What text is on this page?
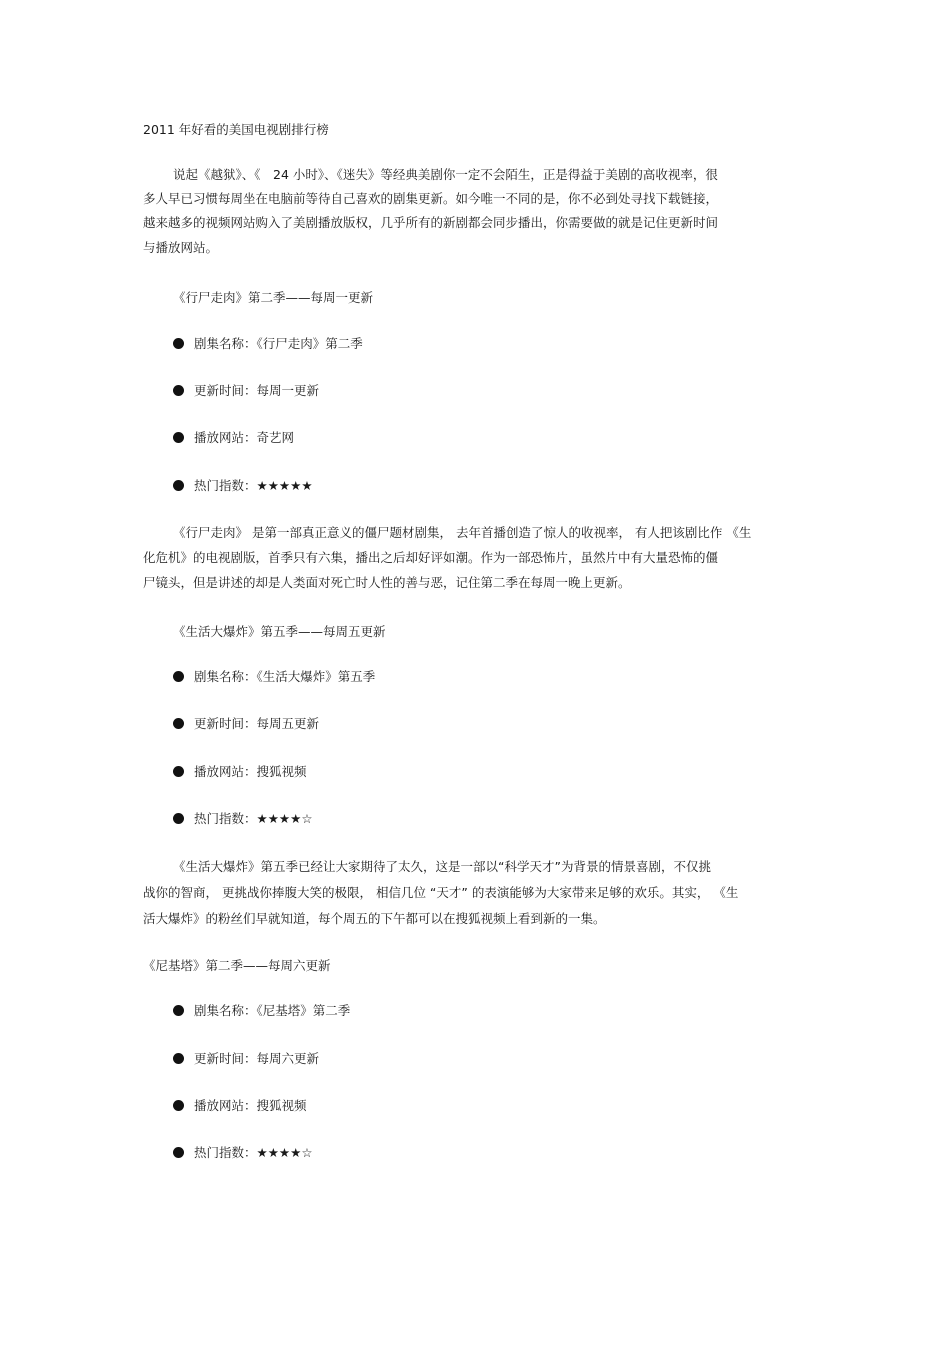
2011 年好看的美国电视剧排行榜
说起《越狱》、《　24 小时》、《迷失》等经典美剧你一定不会陌生，正是得益于美剧的高收视率，很
多人早已习惯每周坐在电脑前等待自己喜欢的剧集更新。如今唯一不同的是，你不必到处寻找下载链接，
越来越多的视频网站购入了美剧播放版权，几乎所有的新剧都会同步播出，你需要做的就是记住更新时间
与播放网站。
《行尸走肉》第二季——每周一更新
剧集名称：《行尸走肉》第二季
更新时间：每周一更新
播放网站：奇艺网
热门指数：★★★★★
《行尸走肉》 是第一部真正意义的僵尸题材剧集， 去年首播创造了惊人的收视率， 有人把该剧比作 《生
化危机》的电视剧版，首季只有六集，播出之后却好评如潮。作为一部恐怖片，虽然片中有大量恐怖的僵
尸镜头，但是讲述的却是人类面对死亡时人性的善与恶，记住第二季在每周一晚上更新。
《生活大爆炸》第五季——每周五更新
剧集名称：《生活大爆炸》第五季
更新时间：每周五更新
播放网站：搜狐视频
热门指数：★★★★☆
《生活大爆炸》第五季已经让大家期待了太久，这是一部以“科学天才”为背景的情景喜剧，不仅挑
战你的智商， 更挑战你捧腹大笑的极限， 相信几位 “天才” 的表演能够为大家带来足够的欢乐。其实， 《生
活大爆炸》的粉丝们早就知道，每个周五的下午都可以在搜狐视频上看到新的一集。
《尼基塔》第二季——每周六更新
剧集名称：《尼基塔》第二季
更新时间：每周六更新
播放网站：搜狐视频
热门指数：★★★★☆
